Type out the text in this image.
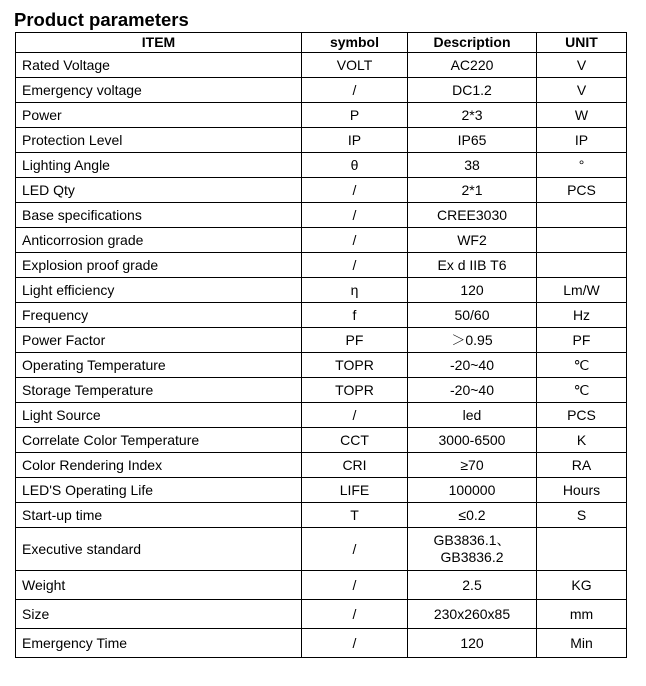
Product parameters
ITEM	symbol	Description	UNIT
Rated Voltage	VOLT	AC220	V
Emergency voltage	/	DC1.2	V
Power	P	2*3	W
Protection Level	IP	IP65	IP
Lighting Angle	θ	38	°
LED Qty	/	2*1	PCS
Base specifications	/	CREE3030	
Anticorrosion grade	/	WF2	
Explosion proof grade	/	Ex d IIB T6	
Light efficiency	η	120	Lm/W
Frequency	f	50/60	Hz
Power Factor	PF	＞0.95	PF
Operating Temperature	TOPR	-20~40	℃
Storage Temperature	TOPR	-20~40	℃
Light Source	/	led	PCS
Correlate Color Temperature	CCT	3000-6500	K
Color Rendering Index	CRI	≥70	RA
LED'S Operating Life	LIFE	100000	Hours
Start-up time	T	≤0.2	S
Executive standard	/	GB3836.1、
GB3836.2	
Weight	/	2.5	KG
Size	/	230x260x85	mm
Emergency Time	/	120	Min
